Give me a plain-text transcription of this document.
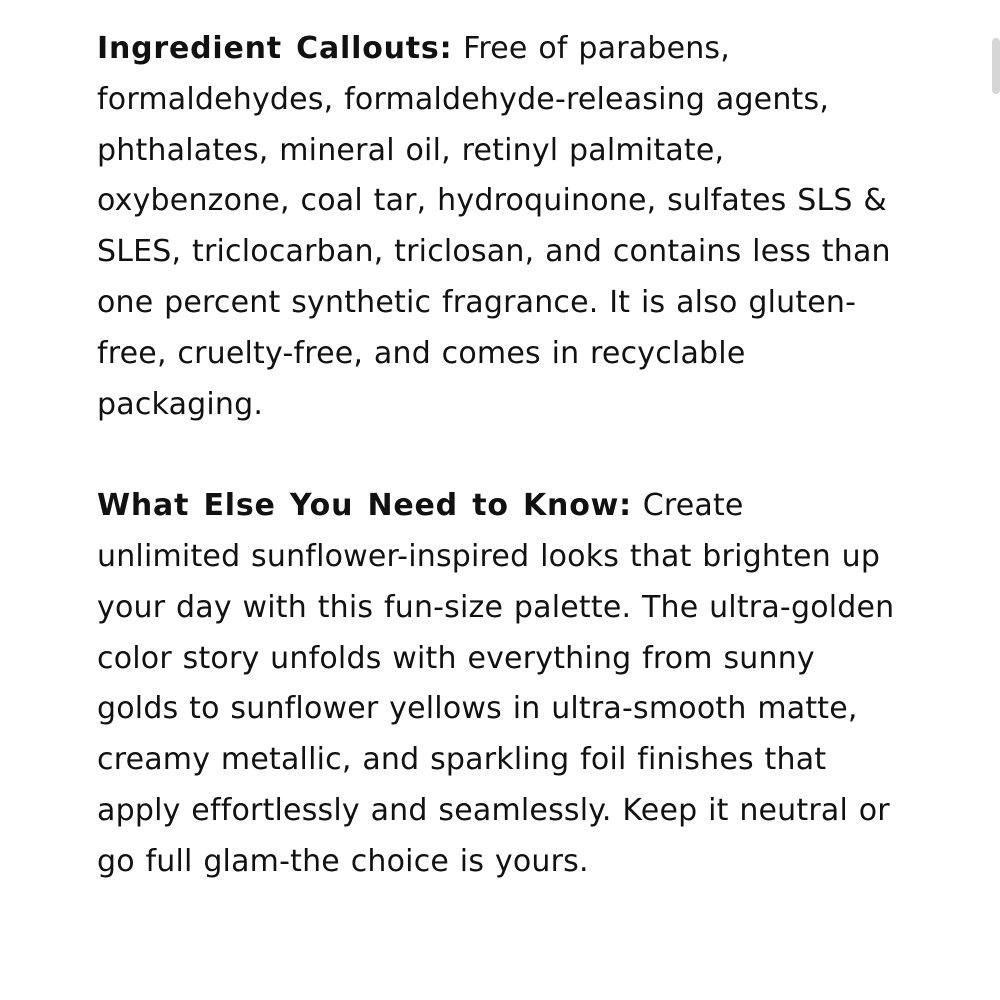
Ingredient Callouts: Free of parabens, formaldehydes, formaldehyde-releasing agents, phthalates, mineral oil, retinyl palmitate, oxybenzone, coal tar, hydroquinone, sulfates SLS & SLES, triclocarban, triclosan, and contains less than one percent synthetic fragrance. It is also gluten-free, cruelty-free, and comes in recyclable packaging.

What Else You Need to Know: Create unlimited sunflower-inspired looks that brighten up your day with this fun-size palette. The ultra-golden color story unfolds with everything from sunny golds to sunflower yellows in ultra-smooth matte, creamy metallic, and sparkling foil finishes that apply effortlessly and seamlessly. Keep it neutral or go full glam-the choice is yours.
